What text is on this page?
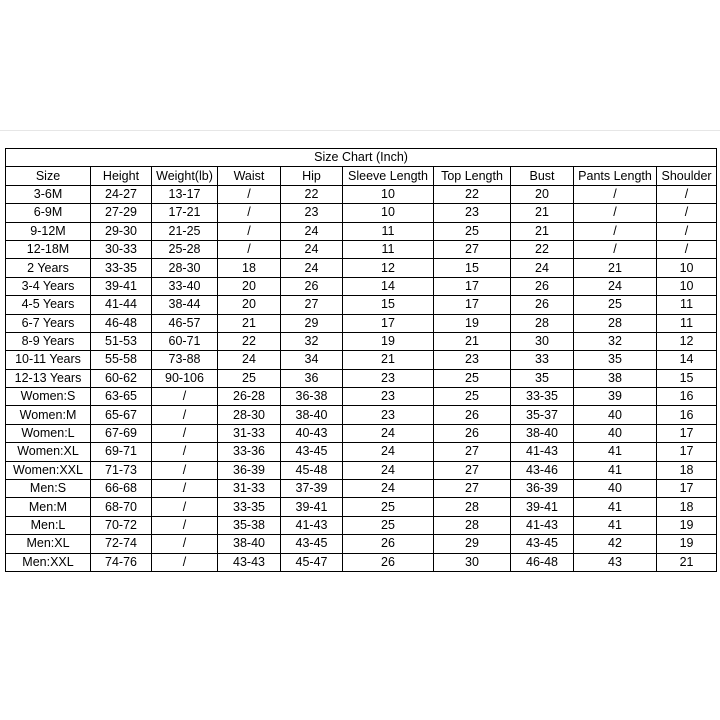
Size Chart (Inch)									
Size	Height	Weight(lb)	Waist	Hip	Sleeve Length	Top Length	Bust	Pants Length	Shoulder
3-6M	24-27	13-17	/	22	10	22	20	/	/
6-9M	27-29	17-21	/	23	10	23	21	/	/
9-12M	29-30	21-25	/	24	11	25	21	/	/
12-18M	30-33	25-28	/	24	11	27	22	/	/
2 Years	33-35	28-30	18	24	12	15	24	21	10
3-4 Years	39-41	33-40	20	26	14	17	26	24	10
4-5 Years	41-44	38-44	20	27	15	17	26	25	11
6-7 Years	46-48	46-57	21	29	17	19	28	28	11
8-9 Years	51-53	60-71	22	32	19	21	30	32	12
10-11 Years	55-58	73-88	24	34	21	23	33	35	14
12-13 Years	60-62	90-106	25	36	23	25	35	38	15
Women:S	63-65	/	26-28	36-38	23	25	33-35	39	16
Women:M	65-67	/	28-30	38-40	23	26	35-37	40	16
Women:L	67-69	/	31-33	40-43	24	26	38-40	40	17
Women:XL	69-71	/	33-36	43-45	24	27	41-43	41	17
Women:XXL	71-73	/	36-39	45-48	24	27	43-46	41	18
Men:S	66-68	/	31-33	37-39	24	27	36-39	40	17
Men:M	68-70	/	33-35	39-41	25	28	39-41	41	18
Men:L	70-72	/	35-38	41-43	25	28	41-43	41	19
Men:XL	72-74	/	38-40	43-45	26	29	43-45	42	19
Men:XXL	74-76	/	43-43	45-47	26	30	46-48	43	21
